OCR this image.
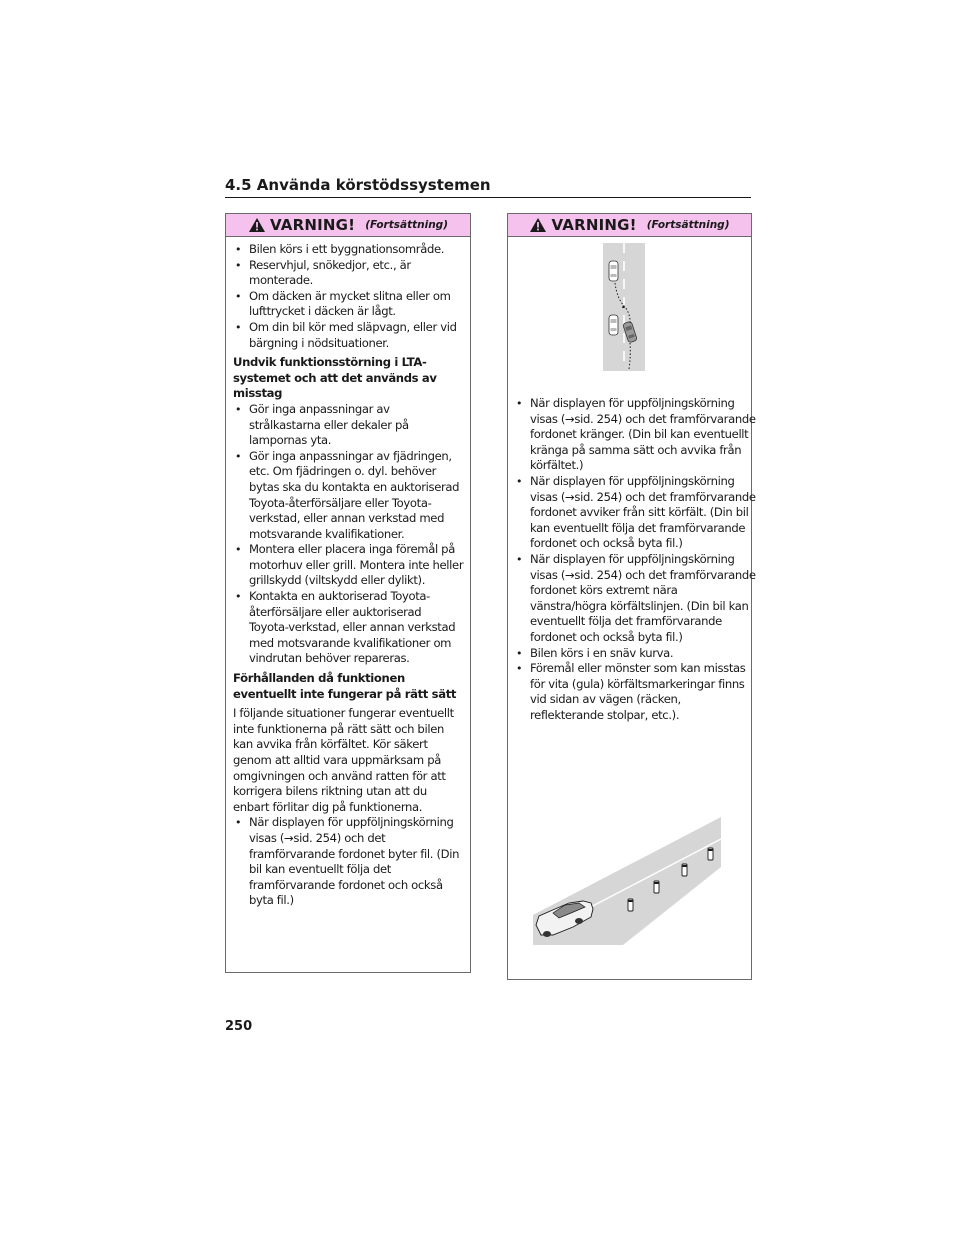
4.5 Använda körstödssystemen
VARNING! (Fortsättning)
• Bilen körs i ett byggnationsområde.
• Reservhjul, snökedjor, etc., är monterade.
• Om däcken är mycket slitna eller om lufttrycket i däcken är lågt.
• Om din bil kör med släpvagn, eller vid bärgning i nödsituationer.
Undvik funktionsstörning i LTA-systemet och att det används av misstag
• Gör inga anpassningar av strålkastarna eller dekaler på lampornas yta.
• Gör inga anpassningar av fjädringen, etc. Om fjädringen o. dyl. behöver bytas ska du kontakta en auktoriserad Toyota-återförsäljare eller Toyota-verkstad, eller annan verkstad med motsvarande kvalifikationer.
• Montera eller placera inga föremål på motorhuv eller grill. Montera inte heller grillskydd (viltskydd eller dylikt).
• Kontakta en auktoriserad Toyota-återförsäljare eller auktoriserad Toyota-verkstad, eller annan verkstad med motsvarande kvalifikationer om vindrutan behöver repareras.
Förhållanden då funktionen eventuellt inte fungerar på rätt sätt
I följande situationer fungerar eventuellt inte funktionerna på rätt sätt och bilen kan avvika från körfältet. Kör säkert genom att alltid vara uppmärksam på omgivningen och använd ratten för att korrigera bilens riktning utan att du enbart förlitar dig på funktionerna.
• När displayen för uppföljningskörning visas (→sid. 254) och det framförvarande fordonet byter fil. (Din bil kan eventuellt följa det framförvarande fordonet och också byta fil.)
VARNING! (Fortsättning)
• När displayen för uppföljningskörning visas (→sid. 254) och det framförvarande fordonet kränger. (Din bil kan eventuellt kränga på samma sätt och avvika från körfältet.)
• När displayen för uppföljningskörning visas (→sid. 254) och det framförvarande fordonet avviker från sitt körfält. (Din bil kan eventuellt följa det framförvarande fordonet och också byta fil.)
• När displayen för uppföljningskörning visas (→sid. 254) och det framförvarande fordonet körs extremt nära vänstra/högra körfältslinjen. (Din bil kan eventuellt följa det framförvarande fordonet och också byta fil.)
• Bilen körs i en snäv kurva.
• Föremål eller mönster som kan misstas för vita (gula) körfältsmarkeringar finns vid sidan av vägen (räcken, reflekterande stolpar, etc.).
250
